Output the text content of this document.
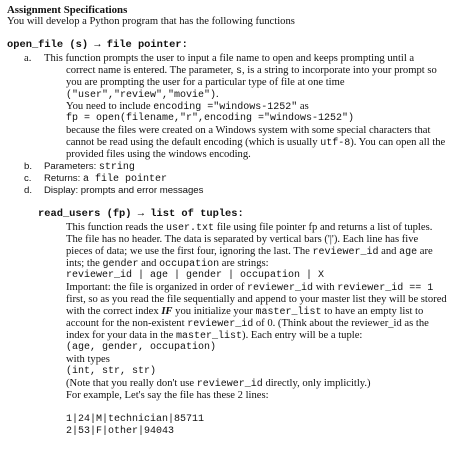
Assignment Specifications
You will develop a Python program that has the following functions
open_file (s) → file pointer:
a. This function prompts the user to input a file name to open and keeps prompting until a
correct name is entered. The parameter, s, is a string to incorporate into your prompt so
you are prompting the user for a particular type of file at one time
("user","review","movie").
You need to include encoding ="windows-1252" as
fp = open(filename,"r",encoding ="windows-1252")
because the files were created on a Windows system with some special characters that
cannot be read using the default encoding (which is usually utf-8). You can open all the
provided files using the windows encoding.
b. Parameters: string
c. Returns: a file pointer
d. Display: prompts and error messages
read_users (fp) → list of tuples:
This function reads the user.txt file using file pointer fp and returns a list of tuples.
The file has no header. The data is separated by vertical bars ('|'). Each line has five
pieces of data; we use the first four, ignoring the last. The reviewer_id and age are
ints; the gender and occupation are strings:
reviewer_id | age | gender | occupation | X
Important: the file is organized in order of reviewer_id with reviewer_id == 1
first, so as you read the file sequentially and append to your master list they will be stored
with the correct index IF you initialize your master_list to have an empty list to
account for the non-existent reviewer_id of 0. (Think about the reviewer_id as the
index for your data in the master_list). Each entry will be a tuple:
(age, gender, occupation)
with types
(int, str, str)
(Note that you really don't use reviewer_id directly, only implicitly.)
For example, Let's say the file has these 2 lines:
1|24|M|technician|85711
2|53|F|other|94043
